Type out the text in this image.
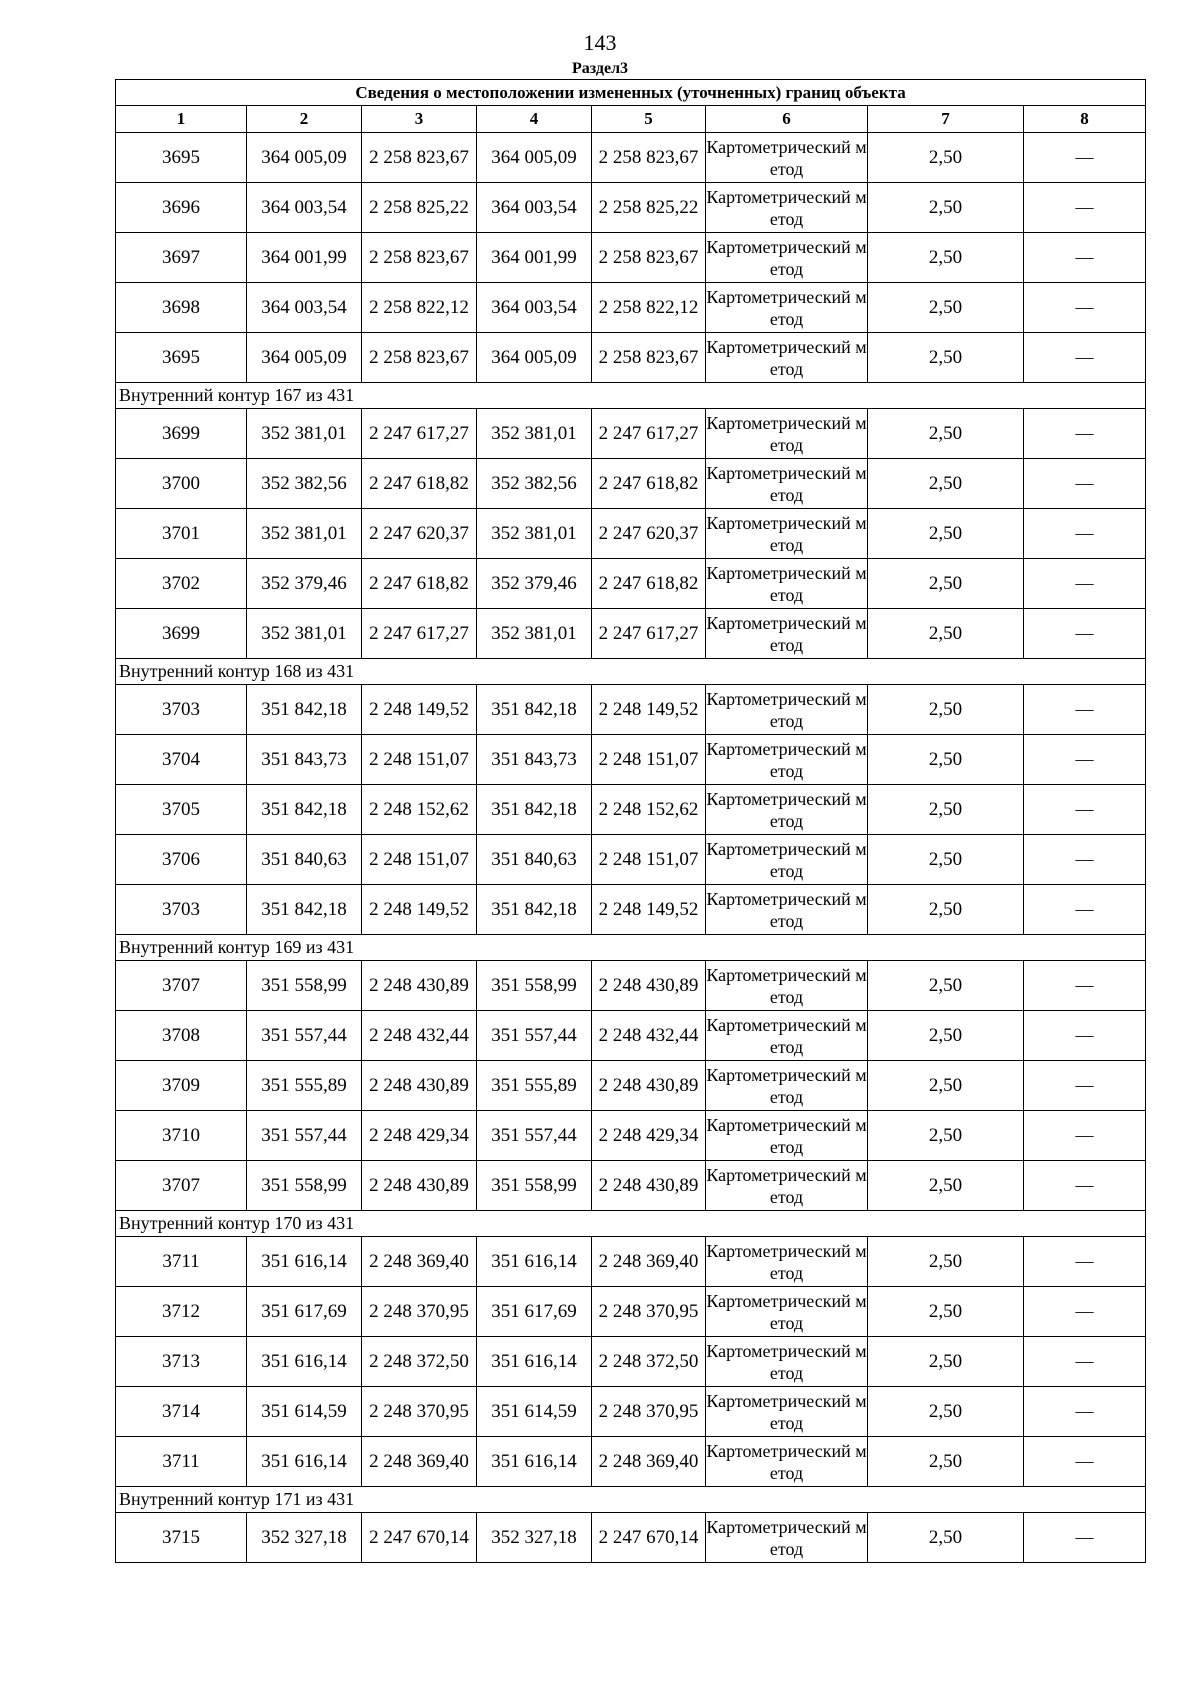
143
Раздел3
Сведения о местоположении измененных (уточненных) границ объекта							
1	2	3	4	5	6	7	8
3695	364 005,09	2 258 823,67	364 005,09	2 258 823,67	Картометрический метод	2,50	—
3696	364 003,54	2 258 825,22	364 003,54	2 258 825,22	Картометрический метод	2,50	—
3697	364 001,99	2 258 823,67	364 001,99	2 258 823,67	Картометрический метод	2,50	—
3698	364 003,54	2 258 822,12	364 003,54	2 258 822,12	Картометрический метод	2,50	—
3695	364 005,09	2 258 823,67	364 005,09	2 258 823,67	Картометрический метод	2,50	—
Внутренний контур 167 из 431							
3699	352 381,01	2 247 617,27	352 381,01	2 247 617,27	Картометрический метод	2,50	—
3700	352 382,56	2 247 618,82	352 382,56	2 247 618,82	Картометрический метод	2,50	—
3701	352 381,01	2 247 620,37	352 381,01	2 247 620,37	Картометрический метод	2,50	—
3702	352 379,46	2 247 618,82	352 379,46	2 247 618,82	Картометрический метод	2,50	—
3699	352 381,01	2 247 617,27	352 381,01	2 247 617,27	Картометрический метод	2,50	—
Внутренний контур 168 из 431							
3703	351 842,18	2 248 149,52	351 842,18	2 248 149,52	Картометрический метод	2,50	—
3704	351 843,73	2 248 151,07	351 843,73	2 248 151,07	Картометрический метод	2,50	—
3705	351 842,18	2 248 152,62	351 842,18	2 248 152,62	Картометрический метод	2,50	—
3706	351 840,63	2 248 151,07	351 840,63	2 248 151,07	Картометрический метод	2,50	—
3703	351 842,18	2 248 149,52	351 842,18	2 248 149,52	Картометрический метод	2,50	—
Внутренний контур 169 из 431							
3707	351 558,99	2 248 430,89	351 558,99	2 248 430,89	Картометрический метод	2,50	—
3708	351 557,44	2 248 432,44	351 557,44	2 248 432,44	Картометрический метод	2,50	—
3709	351 555,89	2 248 430,89	351 555,89	2 248 430,89	Картометрический метод	2,50	—
3710	351 557,44	2 248 429,34	351 557,44	2 248 429,34	Картометрический метод	2,50	—
3707	351 558,99	2 248 430,89	351 558,99	2 248 430,89	Картометрический метод	2,50	—
Внутренний контур 170 из 431							
3711	351 616,14	2 248 369,40	351 616,14	2 248 369,40	Картометрический метод	2,50	—
3712	351 617,69	2 248 370,95	351 617,69	2 248 370,95	Картометрический метод	2,50	—
3713	351 616,14	2 248 372,50	351 616,14	2 248 372,50	Картометрический метод	2,50	—
3714	351 614,59	2 248 370,95	351 614,59	2 248 370,95	Картометрический метод	2,50	—
3711	351 616,14	2 248 369,40	351 616,14	2 248 369,40	Картометрический метод	2,50	—
Внутренний контур 171 из 431							
3715	352 327,18	2 247 670,14	352 327,18	2 247 670,14	Картометрический метод	2,50	—
